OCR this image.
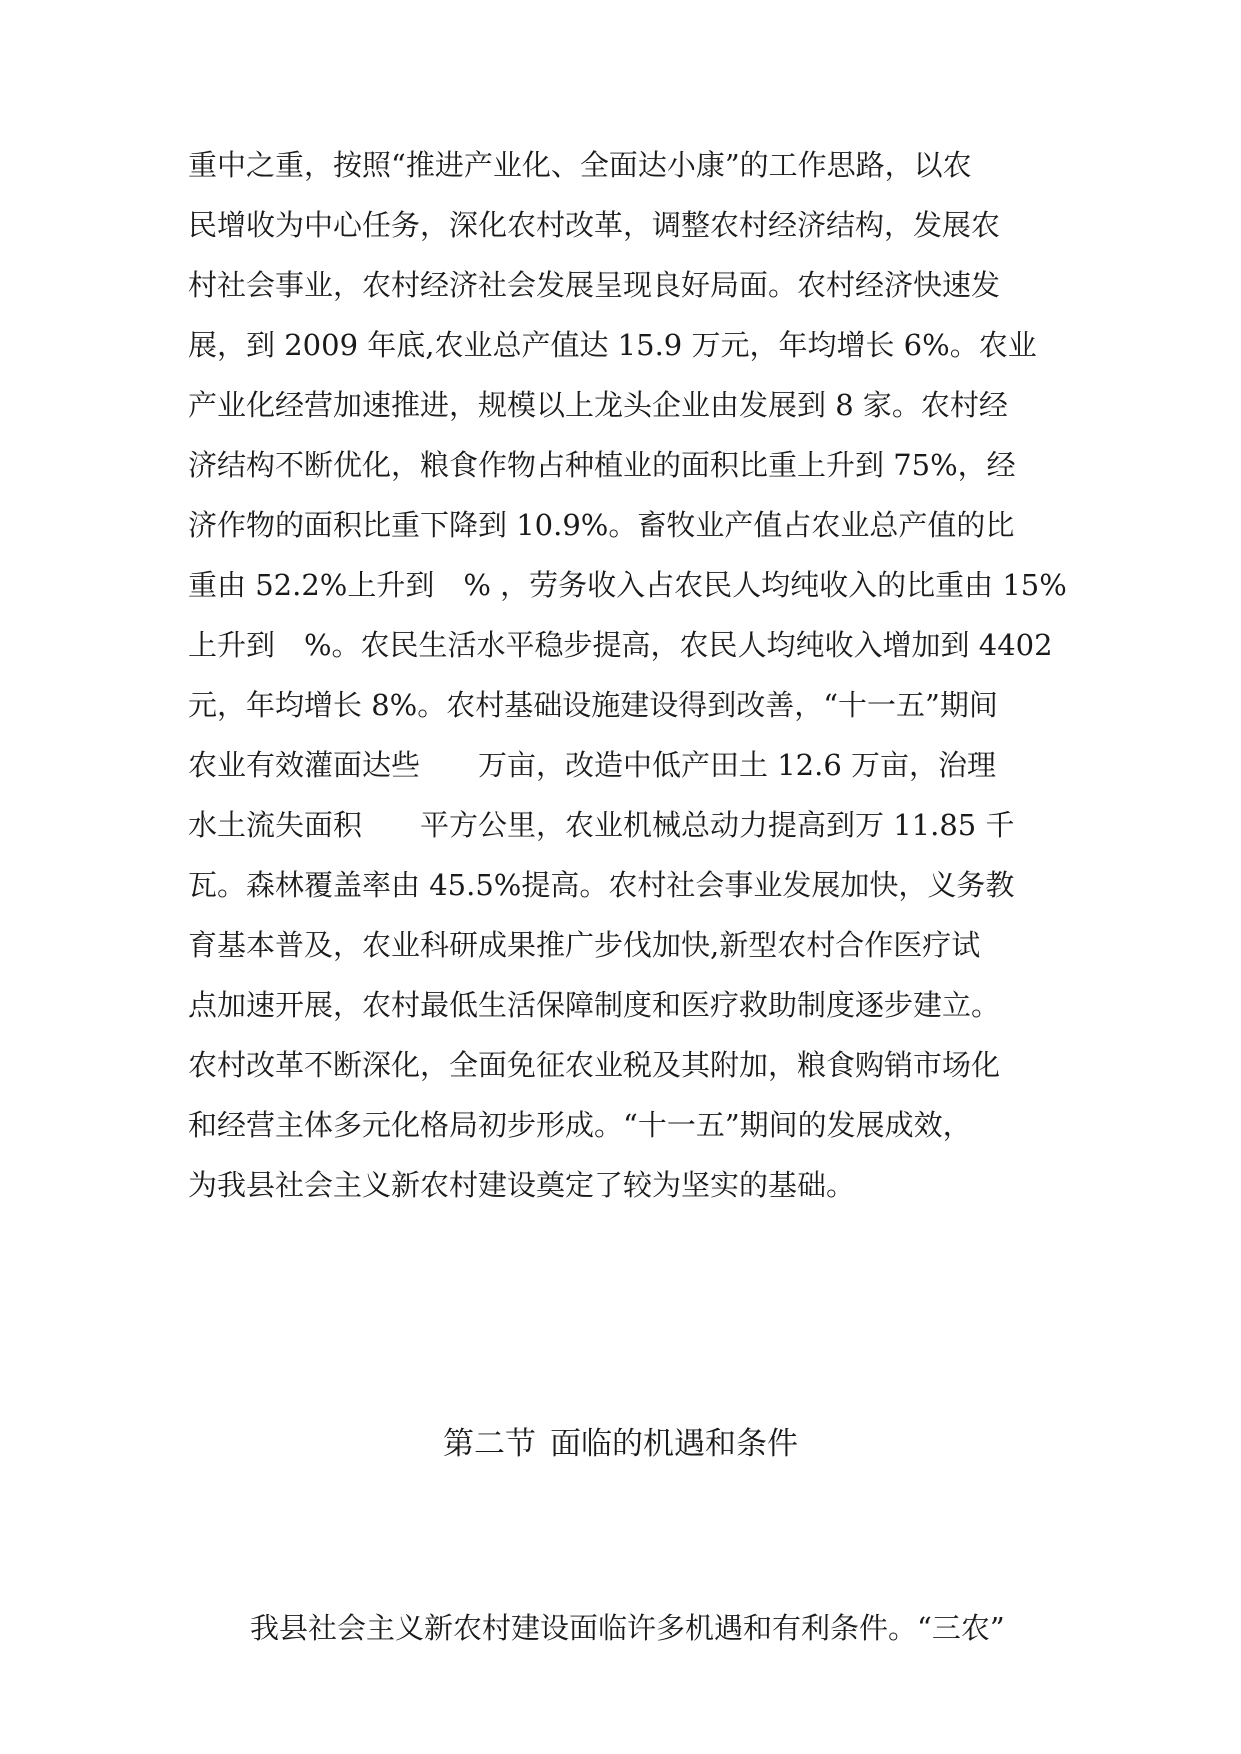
重中之重，按照“推进产业化、全面达小康”的工作思路，以农
民增收为中心任务，深化农村改革，调整农村经济结构，发展农
村社会事业，农村经济社会发展呈现良好局面。农村经济快速发
展，到 2009 年底,农业总产值达 15.9 万元，年均增长 6%。农业
产业化经营加速推进，规模以上龙头企业由发展到 8 家。农村经
济结构不断优化，粮食作物占种植业的面积比重上升到 75%，经
济作物的面积比重下降到 10.9%。畜牧业产值占农业总产值的比
重由 52.2%上升到　% ，劳务收入占农民人均纯收入的比重由 15%
上升到　%。农民生活水平稳步提高，农民人均纯收入增加到 4402
元，年均增长 8%。农村基础设施建设得到改善，“十一五”期间
农业有效灌面达些　　万亩，改造中低产田土 12.6 万亩，治理
水土流失面积　　平方公里，农业机械总动力提高到万 11.85 千
瓦。森林覆盖率由 45.5%提高。农村社会事业发展加快，义务教
育基本普及，农业科研成果推广步伐加快,新型农村合作医疗试
点加速开展，农村最低生活保障制度和医疗救助制度逐步建立。
农村改革不断深化，全面免征农业税及其附加，粮食购销市场化
和经营主体多元化格局初步形成。“十一五”期间的发展成效，
为我县社会主义新农村建设奠定了较为坚实的基础。
第二节 面临的机遇和条件
我县社会主义新农村建设面临许多机遇和有利条件。“三农”
